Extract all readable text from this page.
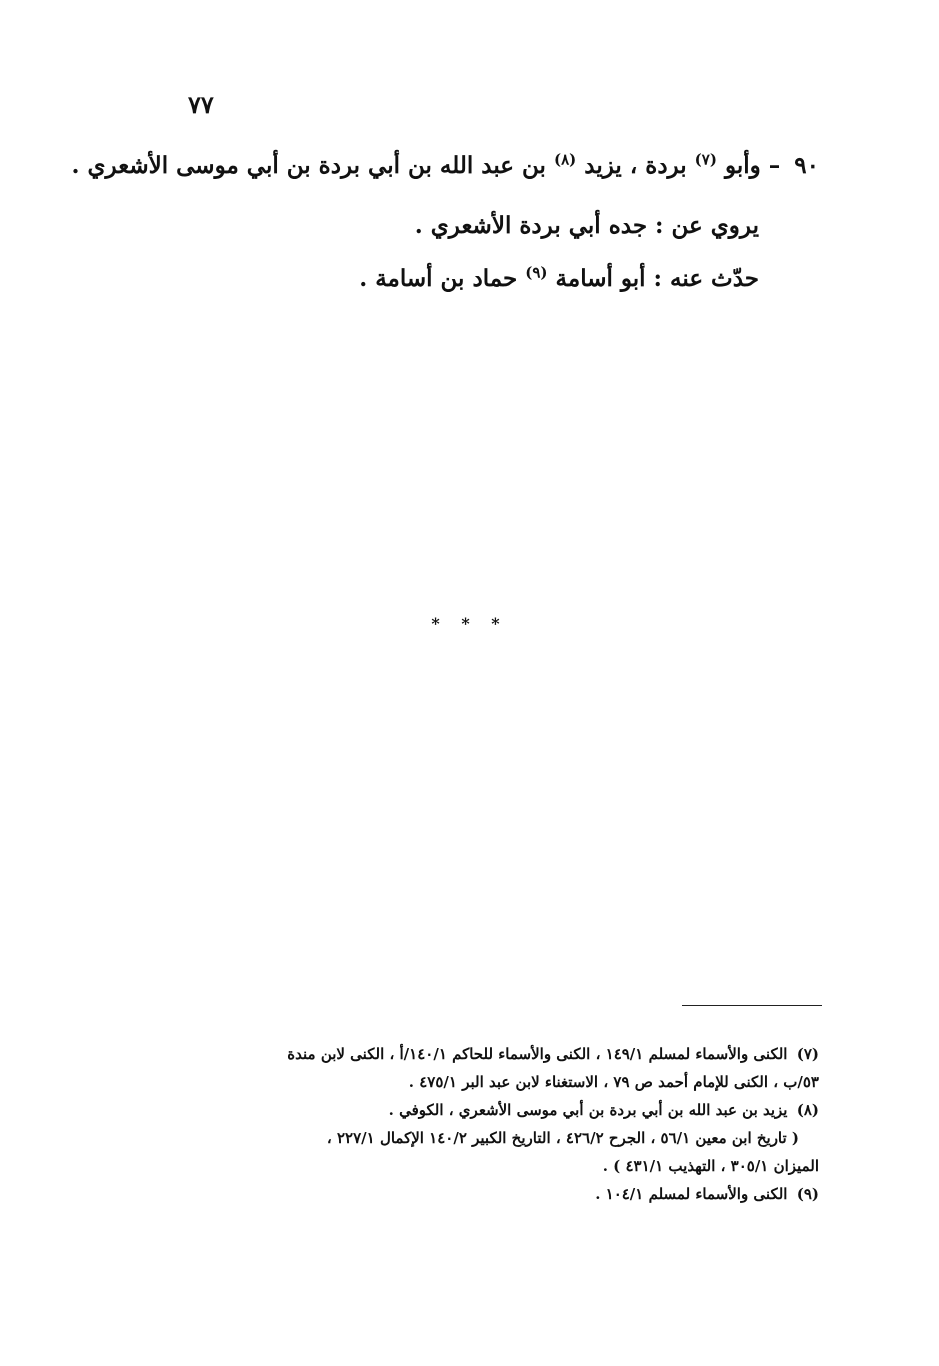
٧٧
٩٠ – وأبو $^{(٧)}$ بردة ، يزيد $^{(٨)}$ بن عبد الله بن أبي بردة بن أبي موسى الأشعري .
يروي عن : جده أبي بردة الأشعري .
حدّث عنه : أبو أسامة $^{(٩)}$ حماد بن أسامة .
* * *

(٧) الكنى والأسماء لمسلم ١٤٩/١ ، الكنى والأسماء للحاكم ١٤٠/١/أ ، الكنى لابن مندة

٥٣/ب ، الكنى للإمام أحمد ص ٧٩ ، الاستغناء لابن عبد البر ٤٧٥/١ .

(٨) يزيد بن عبد الله بن أبي بردة بن أبي موسى الأشعري ، الكوفي .

( تاريخ ابن معين ٥٦/١ ، الجرح ٤٢٦/٢ ، التاريخ الكبير ١٤٠/٢ الإكمال ٢٢٧/١ ،

الميزان ٣٠٥/١ ، التهذيب ٤٣١/١ ) .

(٩) الكنى والأسماء لمسلم ١٠٤/١ .
